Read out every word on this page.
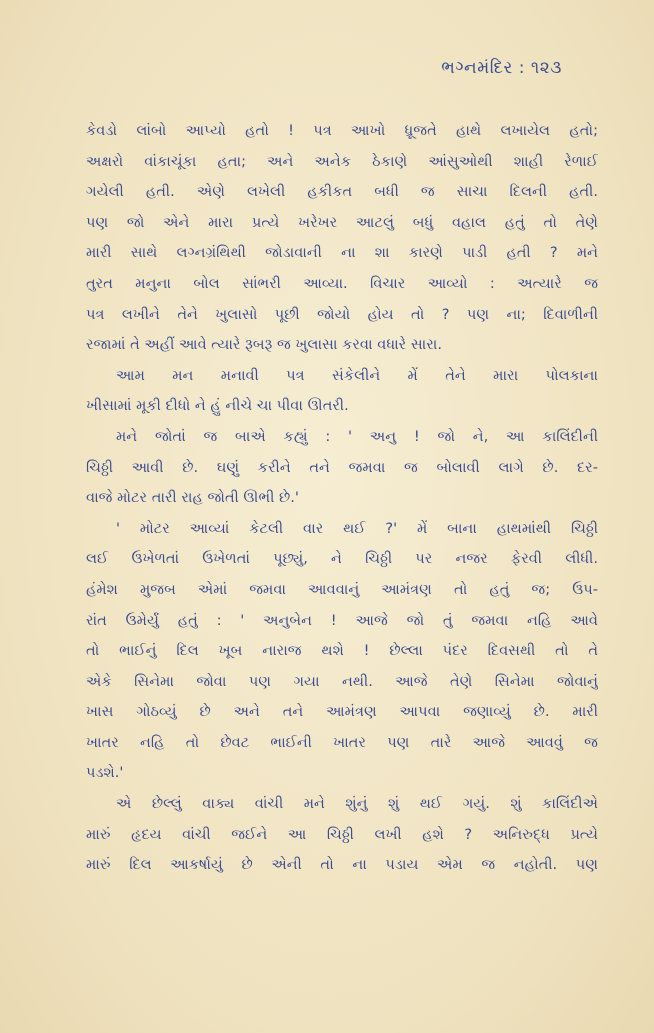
ભગ્નમંદિર : ૧૨૩
કેવડો લાંબો આપ્યો હતો ! પત્ર આખો ધ્રૂજતે હાથે લખાયેલ હતો;
અક્ષરો વાંકાચૂંકા હતા; અને અનેક ઠેકાણે આંસુઓથી શાહી રેળાઈ
ગયેલી હતી. એણે લખેલી હકીકત બધી જ સાચા દિલની હતી.
પણ જો એને મારા પ્રત્યે ખરેખર આટલું બધું વહાલ હતું તો તેણે
મારી સાથે લગ્નગ્રંથિથી જોડાવાની ના શા કારણે પાડી હતી ? મને
તુરત મનુના બોલ સાંભરી આવ્યા. વિચાર આવ્યો : અત્યારે જ
પત્ર લખીને તેને ખુલાસો પૂછી જોયો હોય તો ? પણ ના; દિવાળીની
રજામાં તે અહીં આવે ત્યારે રૂબરૂ જ ખુલાસા કરવા વધારે સારા.
આમ મન મનાવી પત્ર સંકેલીને મેં તેને મારા પોલકાના
ખીસામાં મૂકી દીધો ને હું નીચે ચા પીવા ઊતરી.
મને જોતાં જ બાએ કહ્યું : ' અનુ ! જો ને, આ કાલિંદીની
ચિઠ્ઠી આવી છે. ઘણું કરીને તને જમવા જ બોલાવી લાગે છે. દર-
વાજે મોટર તારી રાહ જોતી ઊભી છે.'
' મોટર આવ્યાં કેટલી વાર થઈ ?' મેં બાના હાથમાંથી ચિઠ્ઠી
લઈ ઉખેળતાં ઉખેળતાં પૂછ્યું, ને ચિઠ્ઠી પર નજર ફેરવી લીધી.
હંમેશ મુજબ એમાં જમવા આવવાનું આમંત્રણ તો હતું જ; ઉપ-
રાંત ઉમેર્યું હતું : ' અનુબેન ! આજે જો તું જમવા નહિ આવે
તો ભાઈનું દિલ ખૂબ નારાજ થશે ! છેલ્લા પંદર દિવસથી તો તે
એકે સિનેમા જોવા પણ ગયા નથી. આજે તેણે સિનેમા જોવાનું
ખાસ ગોઠવ્યું છે અને તને આમંત્રણ આપવા જણાવ્યું છે. મારી
ખાતર નહિ તો છેવટ ભાઈની ખાતર પણ તારે આજે આવવું જ
પડશે.'
એ છેલ્લું વાક્ય વાંચી મને શુંનું શું થઈ ગયું. શું કાલિંદીએ
મારું હૃદય વાંચી જઈને આ ચિઠ્ઠી લખી હશે ? અનિરુદ્ધ પ્રત્યે
મારું દિલ આકર્ષાયું છે એની તો ના પડાય એમ જ નહોતી. પણ
